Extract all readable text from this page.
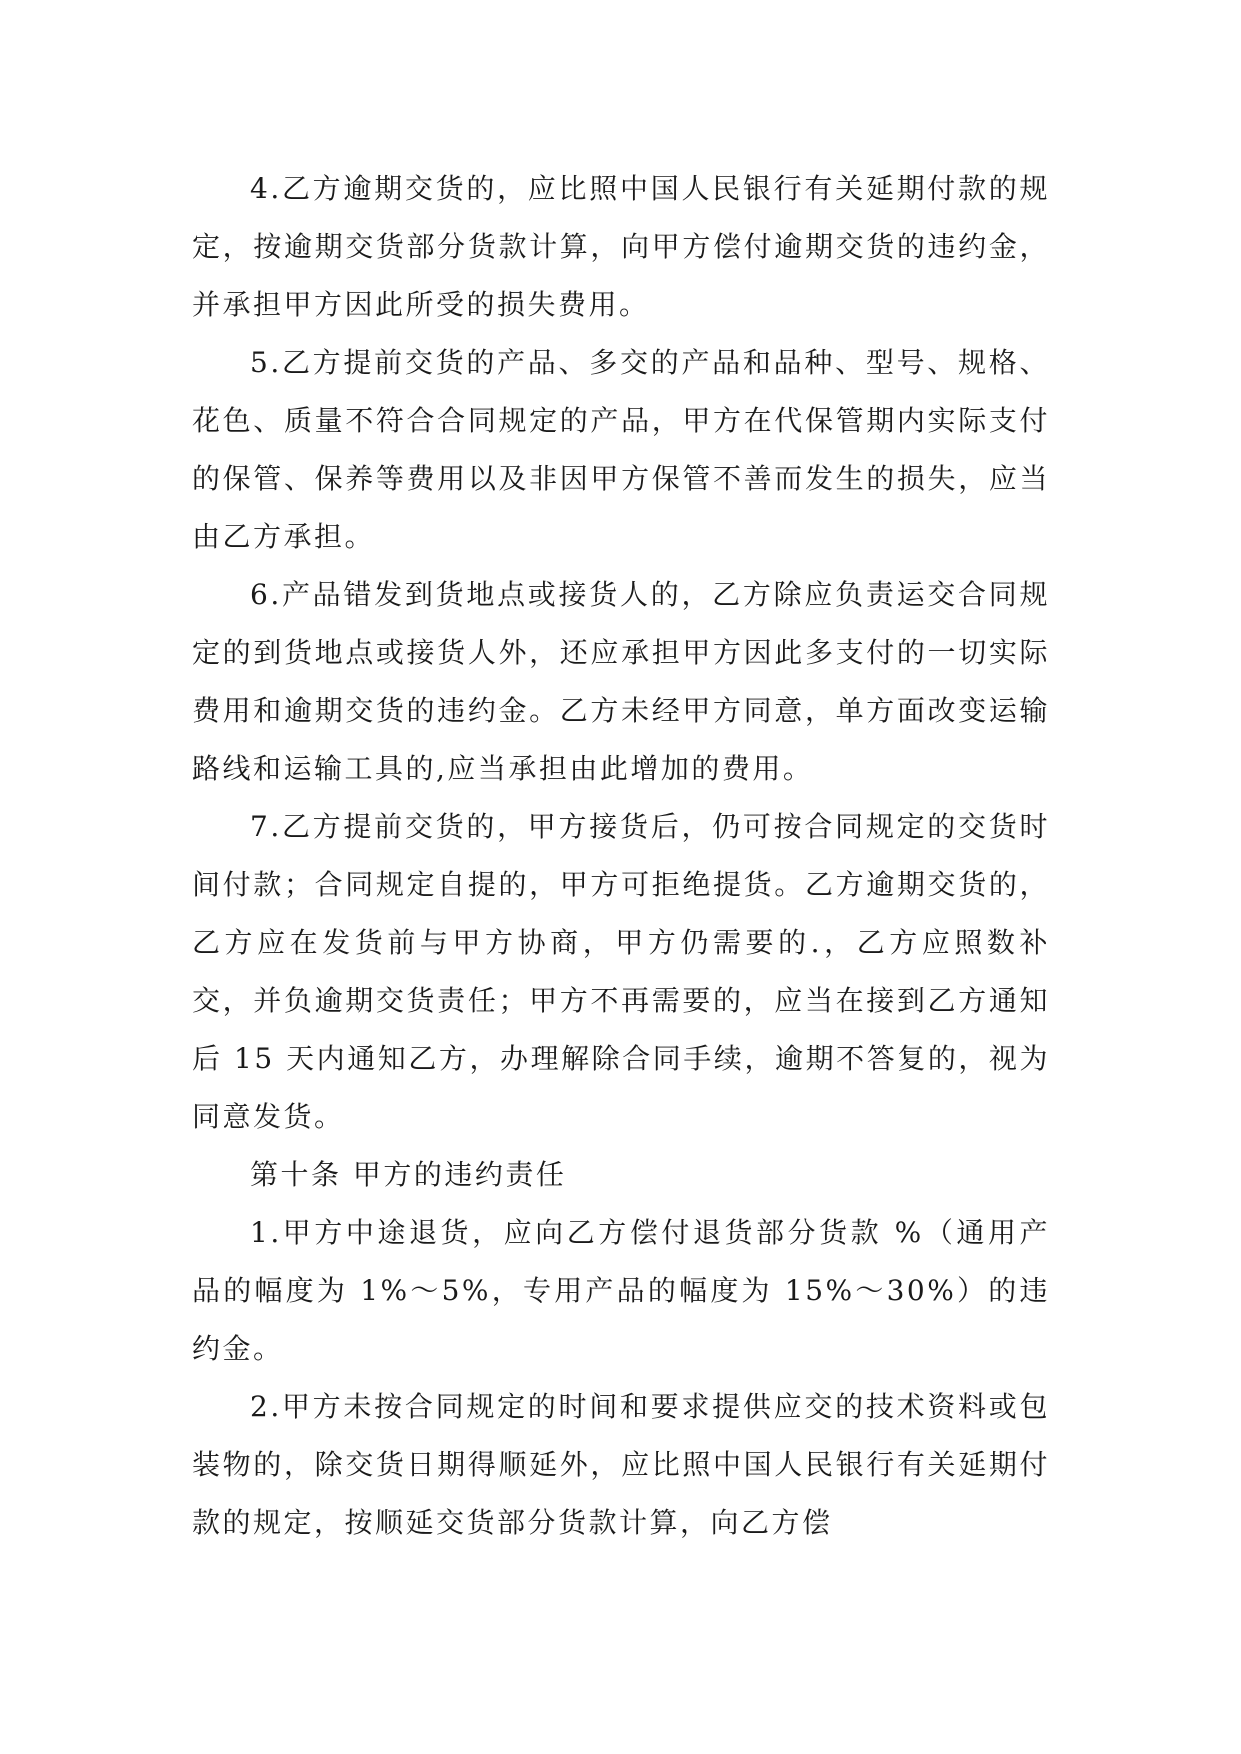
4.乙方逾期交货的，应比照中国人民银行有关延期付款的规定，按逾期交货部分货款计算，向甲方偿付逾期交货的违约金，并承担甲方因此所受的损失费用。

5.乙方提前交货的产品、多交的产品和品种、型号、规格、花色、质量不符合合同规定的产品，甲方在代保管期内实际支付的保管、保养等费用以及非因甲方保管不善而发生的损失，应当由乙方承担。

6.产品错发到货地点或接货人的，乙方除应负责运交合同规定的到货地点或接货人外，还应承担甲方因此多支付的一切实际费用和逾期交货的违约金。乙方未经甲方同意，单方面改变运输路线和运输工具的,应当承担由此增加的费用。

7.乙方提前交货的，甲方接货后，仍可按合同规定的交货时间付款；合同规定自提的，甲方可拒绝提货。乙方逾期交货的，乙方应在发货前与甲方协商，甲方仍需要的.，乙方应照数补交，并负逾期交货责任；甲方不再需要的，应当在接到乙方通知后 15 天内通知乙方，办理解除合同手续，逾期不答复的，视为同意发货。

第十条 甲方的违约责任

1.甲方中途退货，应向乙方偿付退货部分货款 %（通用产品的幅度为 1%～5%，专用产品的幅度为 15%～30%）的违约金。

2.甲方未按合同规定的时间和要求提供应交的技术资料或包装物的，除交货日期得顺延外，应比照中国人民银行有关延期付款的规定，按顺延交货部分货款计算，向乙方偿
